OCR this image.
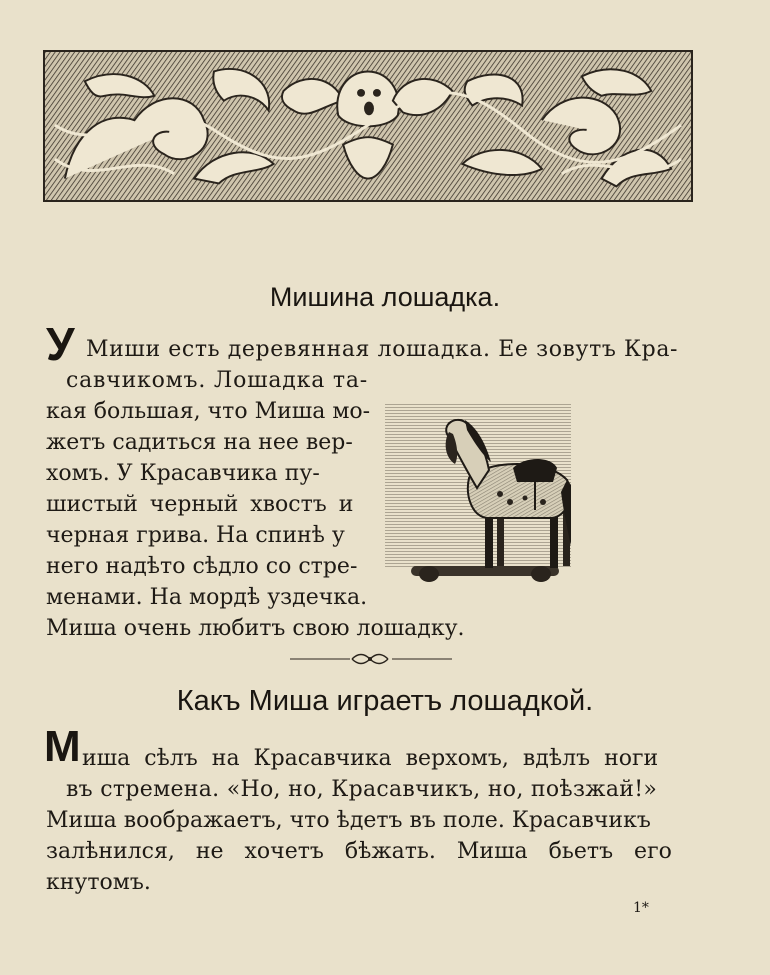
Мишина лошадка.
У Миши есть деревянная лошадка. Ее зовутъ Кра-
савчикомъ. Лошадка та-
кая большая, что Миша мо-
жетъ садиться на нее вер-
хомъ. У Красавчика пу-
шистый черный хвостъ и
черная грива. На спинѣ у
него надѣто сѣдло со стре-
менами. На мордѣ уздечка.
Миша очень любитъ свою лошадку.
Какъ Миша играетъ лошадкой.
М иша сѣлъ на Красавчика верхомъ, вдѣлъ ноги
въ стремена. «Но, но, Красавчикъ, но, поѣзжай!»
Миша воображаетъ, что ѣдетъ въ поле. Красавчикъ
залѣнился, не хочетъ бѣжать. Миша бьетъ его
кнутомъ.
1*
